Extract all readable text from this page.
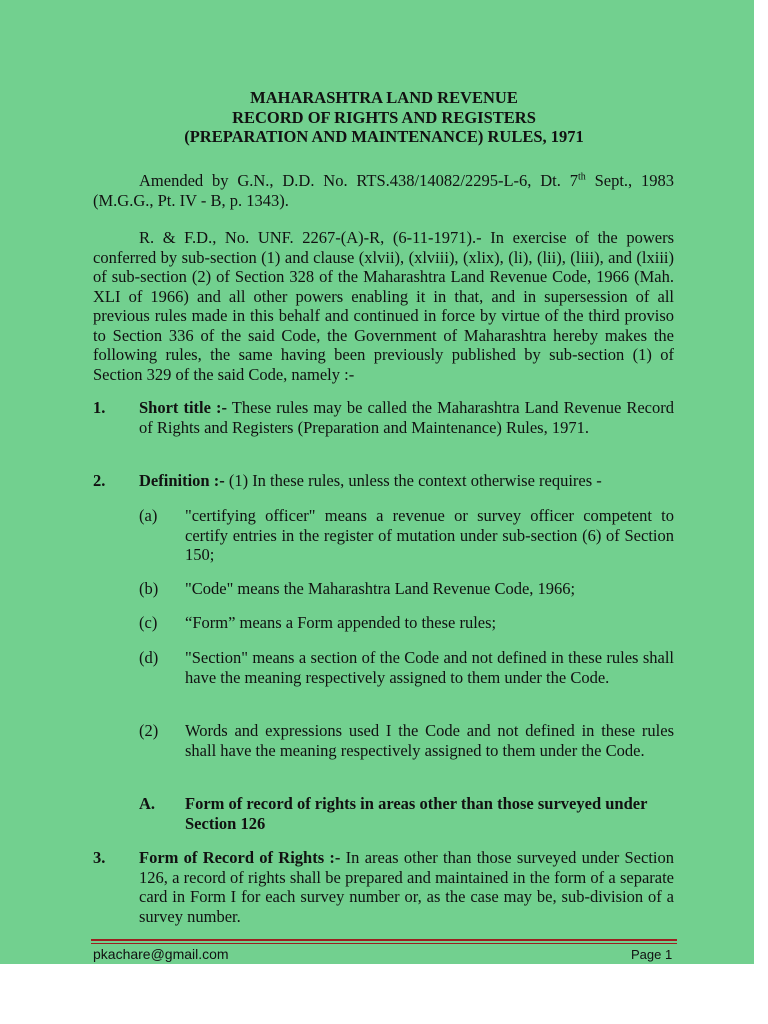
MAHARASHTRA LAND REVENUE
RECORD OF RIGHTS AND REGISTERS
(PREPARATION AND MAINTENANCE) RULES, 1971

Amended by G.N., D.D. No. RTS.438/14082/2295-L-6, Dt. 7th Sept., 1983 (M.G.G., Pt. IV - B, p. 1343).

R. & F.D., No. UNF. 2267-(A)-R, (6-11-1971).- In exercise of the powers conferred by sub-section (1) and clause (xlvii), (xlviii), (xlix), (li), (lii), (liii), and (lxiii) of sub-section (2) of Section 328 of the Maharashtra Land Revenue Code, 1966 (Mah. XLI of 1966) and all other powers enabling it in that, and in supersession of all previous rules made in this behalf and continued in force by virtue of the third proviso to Section 336 of the said Code, the Government of Maharashtra hereby makes the following rules, the same having been previously published by sub-section (1) of Section 329 of the said Code, namely :-

1. Short title :- These rules may be called the Maharashtra Land Revenue Record of Rights and Registers (Preparation and Maintenance) Rules, 1971.
2. Definition :- (1) In these rules, unless the context otherwise requires -
(a) "certifying officer" means a revenue or survey officer competent to certify entries in the register of mutation under sub-section (6) of Section 150;
(b) "Code" means the Maharashtra Land Revenue Code, 1966;
(c) “Form” means a Form appended to these rules;
(d) "Section" means a section of the Code and not defined in these rules shall have the meaning respectively assigned to them under the Code.
(2) Words and expressions used I the Code and not defined in these rules shall have the meaning respectively assigned to them under the Code.
A. Form of record of rights in areas other than those surveyed under Section 126
3. Form of Record of Rights :- In areas other than those surveyed under Section 126, a record of rights shall be prepared and maintained in the form of a separate card in Form I for each survey number or, as the case may be, sub-division of a survey number.
pkachare@gmail.com	Page 1
